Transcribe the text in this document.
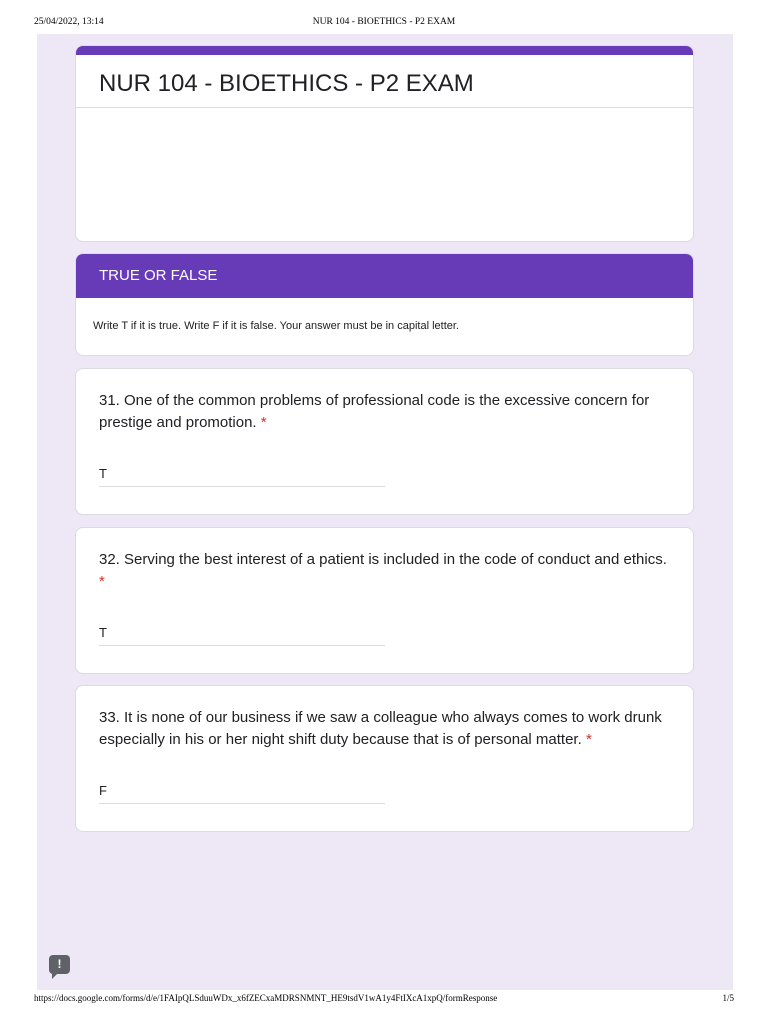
25/04/2022, 13:14	NUR 104 - BIOETHICS - P2 EXAM
NUR 104 - BIOETHICS - P2 EXAM
TRUE OR FALSE
Write T if it is true. Write F if it is false. Your answer must be in capital letter.
31. One of the common problems of professional code is the excessive concern for prestige and promotion. *
T
32. Serving the best interest of a patient is included in the code of conduct and ethics. *
T
33. It is none of our business if we saw a colleague who always comes to work drunk especially in his or her night shift duty because that is of personal matter. *
F
!
https://docs.google.com/forms/d/e/1FAIpQLSduuWDx_x6fZECxaMDRSNMNT_HE9tsdV1wA1y4FtIXcA1xpQ/formResponse	1/5
